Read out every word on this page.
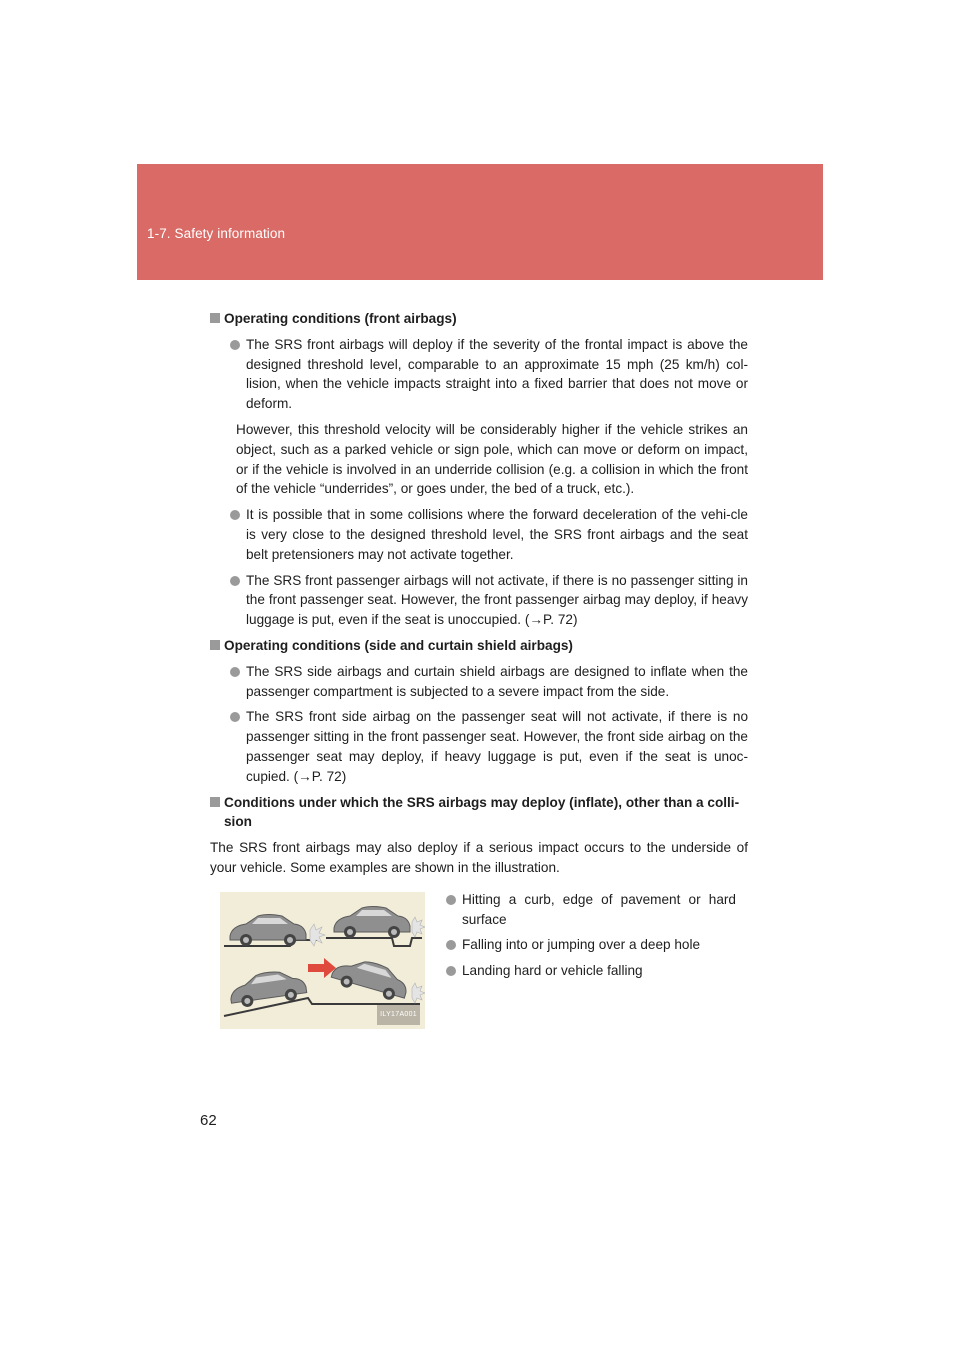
1-7. Safety information
Operating conditions (front airbags)
The SRS front airbags will deploy if the severity of the frontal impact is above the designed threshold level, comparable to an approximate 15 mph (25 km/h) col-lision, when the vehicle impacts straight into a fixed barrier that does not move or deform.
However, this threshold velocity will be considerably higher if the vehicle strikes an object, such as a parked vehicle or sign pole, which can move or deform on impact, or if the vehicle is involved in an underride collision (e.g. a collision in which the front of the vehicle “underrides”, or goes under, the bed of a truck, etc.).
It is possible that in some collisions where the forward deceleration of the vehi-cle is very close to the designed threshold level, the SRS front airbags and the seat belt pretensioners may not activate together.
The SRS front passenger airbags will not activate, if there is no passenger sitting in the front passenger seat. However, the front passenger airbag may deploy, if heavy luggage is put, even if the seat is unoccupied. (→P. 72)
Operating conditions (side and curtain shield airbags)
The SRS side airbags and curtain shield airbags are designed to inflate when the passenger compartment is subjected to a severe impact from the side.
The SRS front side airbag on the passenger seat will not activate, if there is no passenger sitting in the front passenger seat. However, the front side airbag on the passenger seat may deploy, if heavy luggage is put, even if the seat is unoc-cupied. (→P. 72)
Conditions under which the SRS airbags may deploy (inflate), other than a colli-sion
The SRS front airbags may also deploy if a serious impact occurs to the underside of your vehicle. Some examples are shown in the illustration.
ILY17A001
Hitting a curb, edge of pavement or hard surface
Falling into or jumping over a deep hole
Landing hard or vehicle falling
62
